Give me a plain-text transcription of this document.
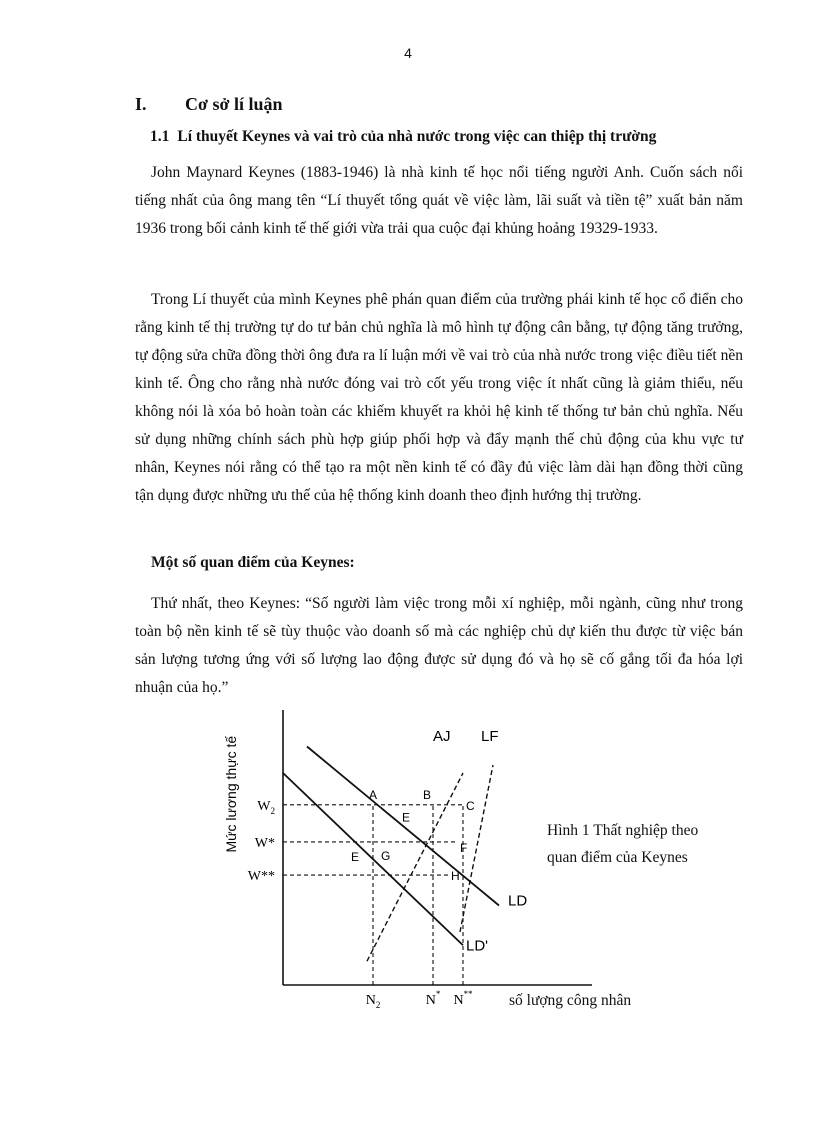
4
I. Cơ sở lí luận
1.1 Lí thuyết Keynes và vai trò của nhà nước trong việc can thiệp thị trường

John Maynard Keynes (1883-1946) là nhà kinh tế học nổi tiếng người Anh. Cuốn sách nổi tiếng nhất của ông mang tên “Lí thuyết tổng quát về việc làm, lãi suất và tiền tệ” xuất bản năm 1936 trong bối cảnh kinh tế thế giới vừa trải qua cuộc đại khủng hoảng 19329-1933.

Trong Lí thuyết của mình Keynes phê phán quan điểm của trường phái kinh tế học cổ điển cho rằng kinh tế thị trường tự do tư bản chủ nghĩa là mô hình tự động cân bằng, tự động tăng trưởng, tự động sửa chữa đồng thời ông đưa ra lí luận mới về vai trò của nhà nước trong việc điều tiết nền kinh tế. Ông cho rằng nhà nước đóng vai trò cốt yếu trong việc ít nhất cũng là giảm thiểu, nếu không nói là xóa bỏ hoàn toàn các khiếm khuyết ra khỏi hệ kinh tế thống tư bản chủ nghĩa. Nếu sử dụng những chính sách phù hợp giúp phối hợp và đẩy mạnh thế chủ động của khu vực tư nhân, Keynes nói rằng có thể tạo ra một nền kinh tế có đầy đủ việc làm dài hạn đồng thời cũng tận dụng được những ưu thế của hệ thống kinh doanh theo định hướng thị trường.

Một số quan điểm của Keynes:

Thứ nhất, theo Keynes: “Số người làm việc trong mỗi xí nghiệp, mỗi ngành, cũng như trong toàn bộ nền kinh tế sẽ tùy thuộc vào doanh số mà các nghiệp chủ dự kiến thu được từ việc bán sản lượng tương ứng với số lượng lao động được sử dụng đó và họ sẽ cố gắng tối đa hóa lợi nhuận của họ.”

Mức lương thực tế
LD
LD'
AJ LF
$W_2$
W*
W**
$N_2$	N* N**
A	B
C
E
E
F
G
H
Hình 1 Thất nghiệp theo
quan điểm của Keynes
số lượng công nhân
